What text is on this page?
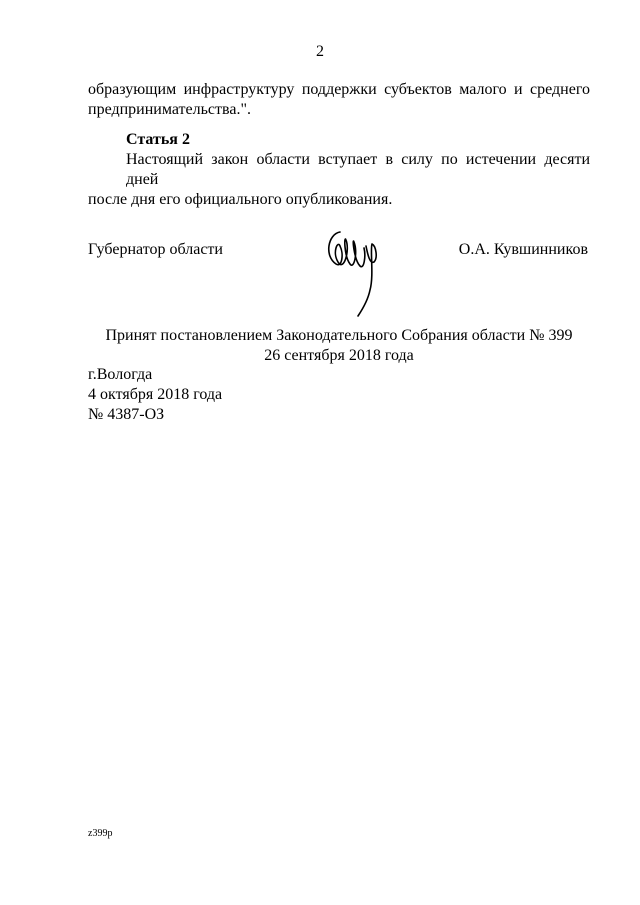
2
образующим инфраструктуру поддержки субъектов малого и среднего
предпринимательства.".
Статья 2
Настоящий закон области вступает в силу по истечении десяти дней
после дня его официального опубликования.
Губернатор области	О.А. Кувшинников
Принят постановлением Законодательного Собрания области № 399
26 сентября 2018 года
г.Вологда
4 октября 2018 года
№ 4387-ОЗ
z399р
